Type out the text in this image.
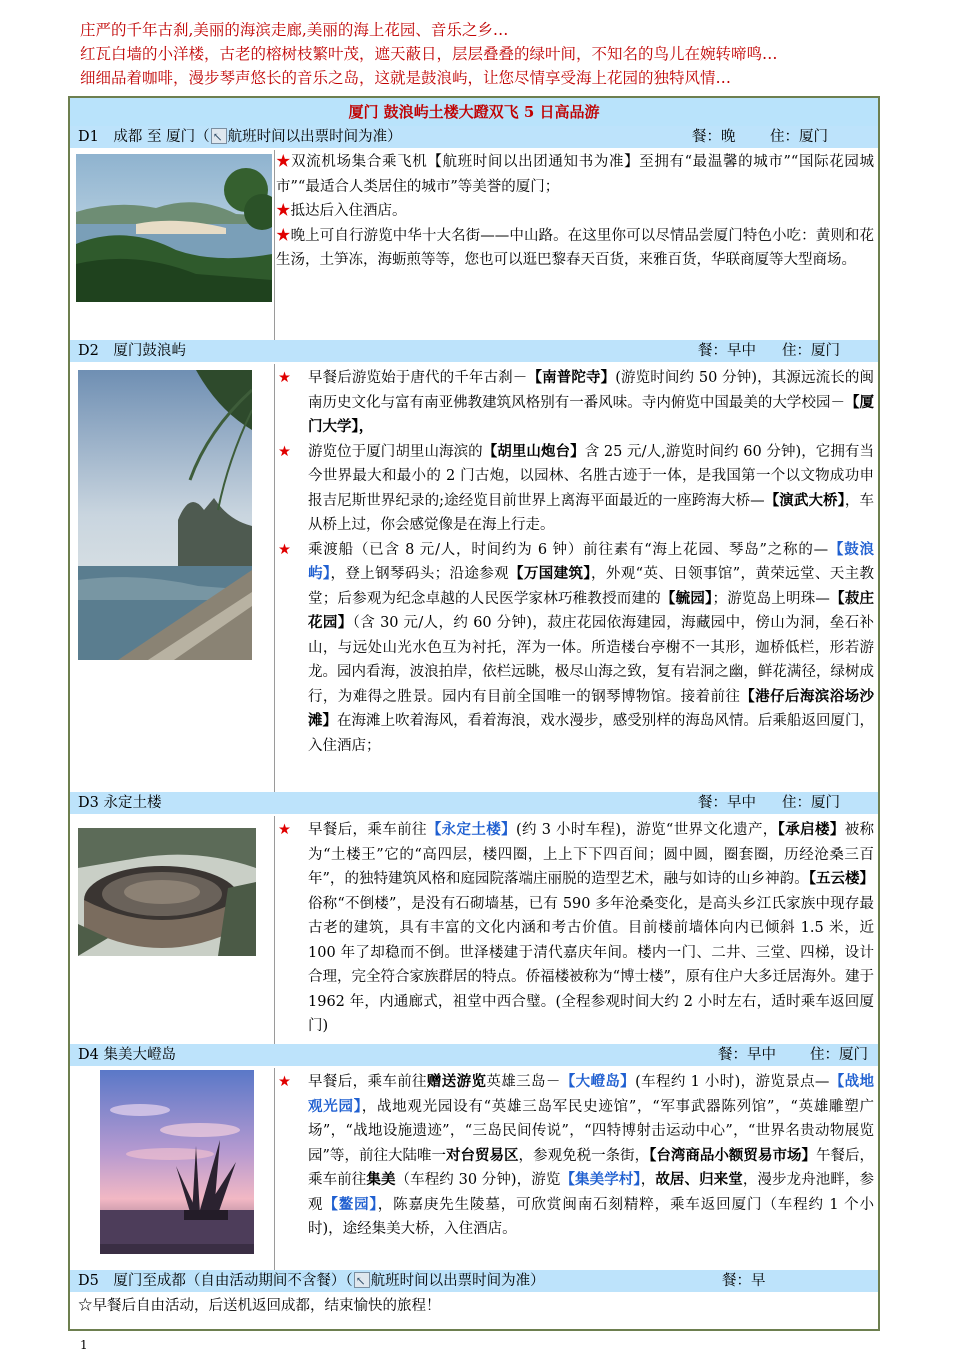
庄严的千年古刹,美丽的海滨走廊,美丽的海上花园、音乐之乡…

红瓦白墙的小洋楼，古老的榕树枝繁叶茂，遮天蔽日，层层叠叠的绿叶间，不知名的鸟儿在婉转啼鸣…

细细品着咖啡，漫步琴声悠长的音乐之岛，这就是鼓浪屿，让您尽情享受海上花园的独特风情…

厦门 鼓浪屿土楼大蹬双飞 5 日高品游
D1　成都 至 厦门（ ↖ 航班时间以出票时间为准）	餐：晚 住：厦门

★双流机场集合乘飞机【航班时间以出团通知书为准】至拥有“最温馨的城市”“国际花园城市”“最适合人类居住的城市”等美誉的厦门；

★抵达后入住酒店。

★晚上可自行游览中华十大名街——中山路。在这里你可以尽情品尝厦门特色小吃：黄则和花生汤，土笋冻，海蛎煎等等，您也可以逛巴黎春天百货，来雅百货，华联商厦等大型商场。

D2　厦门鼓浪屿	餐：早中 住：厦门

★ 早餐后游览始于唐代的千年古刹－【南普陀寺】(游览时间约 50 分钟)，其源远流长的闽南历史文化与富有南亚佛教建筑风格别有一番风味。寺内俯览中国最美的大学校园－【厦门大学】，

★ 游览位于厦门胡里山海滨的【胡里山炮台】含 25 元/人,游览时间约 60 分钟)，它拥有当今世界最大和最小的 2 门古炮，以园林、名胜古迹于一体，是我国第一个以文物成功申报吉尼斯世界纪录的;途经览目前世界上离海平面最近的一座跨海大桥—【演武大桥】，车从桥上过，你会感觉像是在海上行走。

★ 乘渡船（已含 8 元/人，时间约为 6 钟）前往素有“海上花园、琴岛”之称的—【鼓浪屿】，登上钢琴码头；沿途参观【万国建筑】，外观“英、日领事馆”，黄荣远堂、天主教堂；后参观为纪念卓越的人民医学家林巧稚教授而建的【毓园】；游览岛上明珠—【菽庄花园】（含 30 元/人，约 60 分钟)，菽庄花园依海建园，海藏园中，傍山为洞，垒石补山，与远处山光水色互为衬托，浑为一体。所造楼台亭榭不一其形，迦桥低栏，形若游龙。园内看海，波浪拍岸，依栏远眺，极尽山海之致，复有岩洞之幽，鲜花满径，绿树成行，为难得之胜景。园内有目前全国唯一的钢琴博物馆。接着前往【港仔后海滨浴场沙滩】在海滩上吹着海风，看着海浪，戏水漫步，感受别样的海岛风情。后乘船返回厦门，入住酒店；

D3 永定土楼	餐：早中 住：厦门

★ 早餐后，乘车前往【永定土楼】(约 3 小时车程)，游览“世界文化遗产，【承启楼】被称为“土楼王”它的“高四层，楼四圈，上上下下四百间；圆中圆，圈套圈，历经沧桑三百年”，的独特建筑风格和庭园院落端庄丽脱的造型艺术，融与如诗的山乡神韵。【五云楼】俗称“不倒楼”，是没有石砌墙基，已有 590 多年沧桑变化，是高头乡江氏家族中现存最古老的建筑，具有丰富的文化内涵和考古价值。目前楼前墙体向内已倾斜 1.5 米，近 100 年了却稳而不倒。世泽楼建于清代嘉庆年间。楼内一门、二井、三堂、四梯，设计合理，完全符合家族群居的特点。侨福楼被称为“博士楼”，原有住户大多迁居海外。建于 1962 年，内通廊式，祖堂中西合璧。(全程参观时间大约 2 小时左右，适时乘车返回厦门)

D4 集美大嶝岛	餐：早中 住：厦门

★ 早餐后，乘车前往赠送游览英雄三岛－【大嶝岛】(车程约 1 小时)，游览景点—【战地观光园】，战地观光园设有“英雄三岛军民史迹馆”，“军事武器陈列馆”，“英雄雕塑广场”，“战地设施遗迹”，“三岛民间传说”，“四特博射击运动中心”，“世界名贵动物展览园”等，前往大陆唯一对台贸易区，参观免税一条街，【台湾商品小额贸易市场】午餐后，乘车前往集美（车程约 30 分钟)，游览【集美学村】，故居、归来堂，漫步龙舟池畔，参观【鳌园】，陈嘉庚先生陵墓，可欣赏闽南石刻精粹，乘车返回厦门（车程约 1 个小时)，途经集美大桥，入住酒店。

D5　厦门至成都（自由活动期间不含餐）（ ↖ 航班时间以出票时间为准）	餐：早

☆早餐后自由活动，后送机返回成都，结束愉快的旅程！

1
